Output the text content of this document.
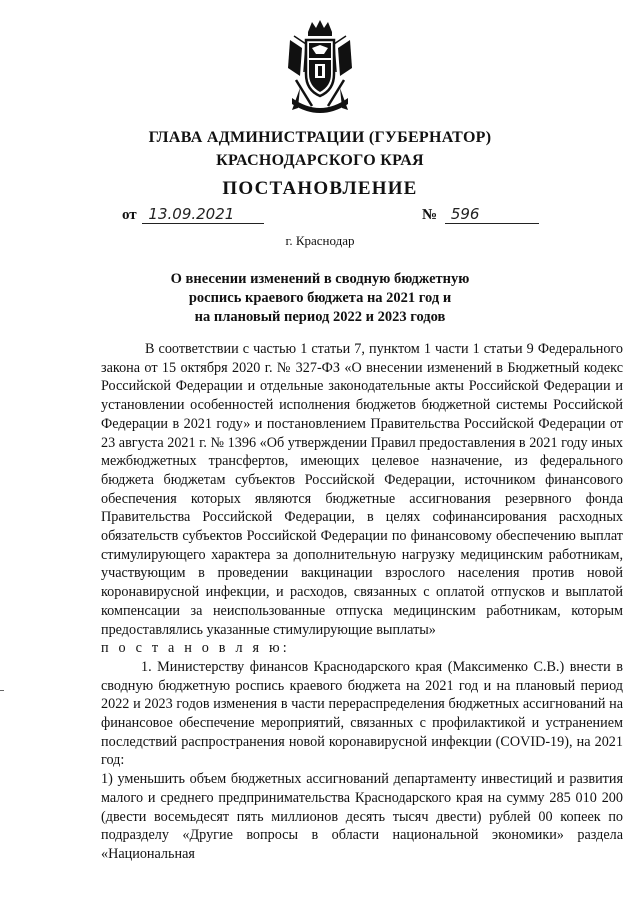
ГЛАВА АДМИНИСТРАЦИИ (ГУБЕРНАТОР)
КРАСНОДАРСКОГО КРАЯ
ПОСТАНОВЛЕНИЕ
от 13.09.2021	№ 596
г. Краснодар
О внесении изменений в сводную бюджетную
роспись краевого бюджета на 2021 год и
на плановый период 2022 и 2023 годов

В соответствии с частью 1 статьи 7, пунктом 1 части 1 статьи 9 Федерального закона от 15 октября 2020 г. № 327-ФЗ «О внесении изменений в Бюджетный кодекс Российской Федерации и отдельные законодательные акты Российской Федерации и установлении особенностей исполнения бюджетов бюджетной системы Российской Федерации в 2021 году» и постановлением Правительства Российской Федерации от 23 августа 2021 г. № 1396 «Об утверждении Правил предоставления в 2021 году иных межбюджетных трансфертов, имеющих целевое назначение, из федерального бюджета бюджетам субъектов Российской Федерации, источником финансового обеспечения которых являются бюджетные ассигнования резервного фонда Правительства Российской Федерации, в целях софинансирования расходных обязательств субъектов Российской Федерации по финансовому обеспечению выплат стимулирующего характера за дополнительную нагрузку медицинским работникам, участвующим в проведении вакцинации взрослого населения против новой коронавирусной инфекции, и расходов, связанных с оплатой отпусков и выплатой компенсации за неиспользованные отпуска медицинским работникам, которым предоставлялись указанные стимулирующие выплаты»

п о с т а н о в л я ю:

1. Министерству финансов Краснодарского края (Максименко С.В.) внести в сводную бюджетную роспись краевого бюджета на 2021 год и на плановый период 2022 и 2023 годов изменения в части перераспределения бюджетных ассигнований на финансовое обеспечение мероприятий, связанных с профилактикой и устранением последствий распространения новой коронавирусной инфекции (COVID-19), на 2021 год:

1) уменьшить объем бюджетных ассигнований департаменту инвестиций и развития малого и среднего предпринимательства Краснодарского края на сумму 285 010 200 (двести восемьдесят пять миллионов десять тысяч двести) рублей 00 копеек по подразделу «Другие вопросы в области национальной экономики» раздела «Национальная
